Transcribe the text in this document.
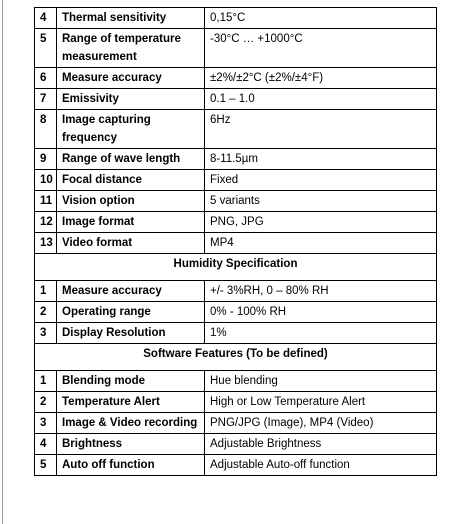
4	Thermal sensitivity	0,15°C
5	Range of temperature measurement	-30°C … +1000°C
6	Measure accuracy	±2%/±2°C (±2%/±4°F)
7	Emissivity	0.1 – 1.0
8	Image capturing frequency	6Hz
9	Range of wave length	8-11.5µm
10	Focal distance	Fixed
11	Vision option	5 variants
12	Image format	PNG, JPG
13	Video format	MP4
Humidity Specification		
1	Measure accuracy	+/- 3%RH, 0 – 80% RH
2	Operating range	0% - 100% RH
3	Display Resolution	1%
Software Features (To be defined)		
1	Blending mode	Hue blending
2	Temperature Alert	High or Low Temperature Alert
3	Image & Video recording	PNG/JPG (Image), MP4 (Video)
4	Brightness	Adjustable Brightness
5	Auto off function	Adjustable Auto-off function
